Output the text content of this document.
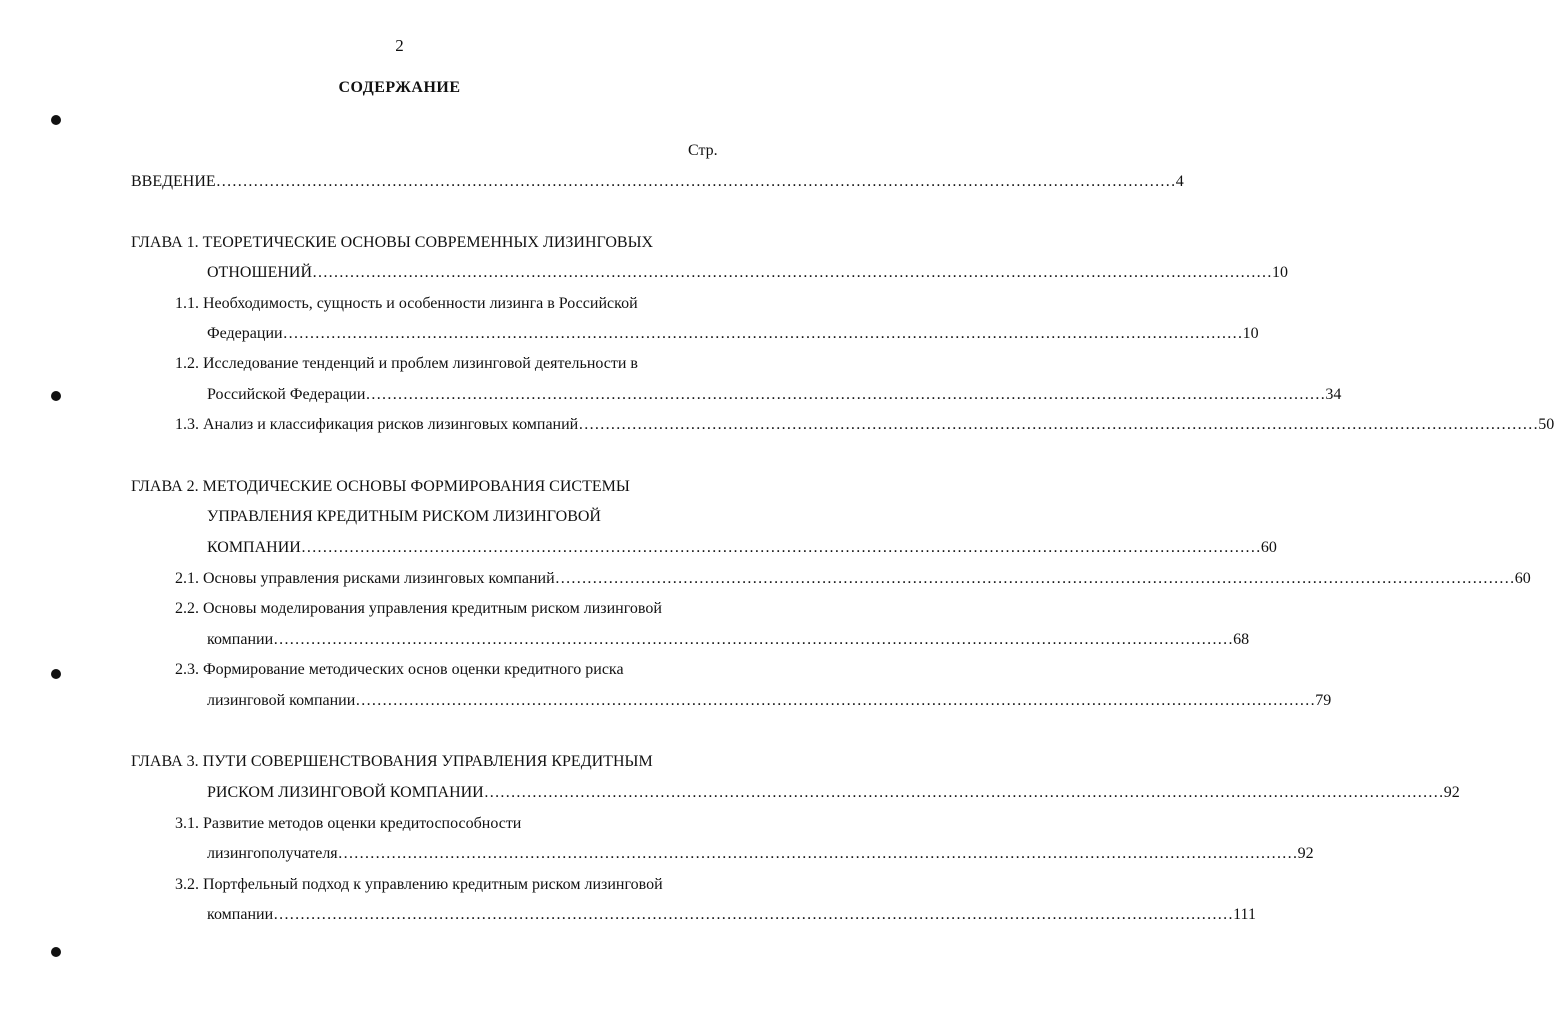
2
СОДЕРЖАНИЕ
Стр.
ВВЕДЕНИЕ ……………………………………………………………………………………………………………………………………………………………… 4
ГЛАВА 1. ТЕОРЕТИЧЕСКИЕ ОСНОВЫ СОВРЕМЕННЫХ ЛИЗИНГОВЫХ
ОТНОШЕНИЙ ……………………………………………………………………………………………………………………………………………………………… 10
1.1. Необходимость, сущность и особенности лизинга в Российской
Федерации ……………………………………………………………………………………………………………………………………………………………… 10
1.2. Исследование тенденций и проблем лизинговой деятельности в
Российской Федерации ……………………………………………………………………………………………………………………………………………………………… 34
1.3. Анализ и классификация рисков лизинговых компаний ……………………………………………………………………………………………………………………………………………………………… 50
ГЛАВА 2. МЕТОДИЧЕСКИЕ ОСНОВЫ ФОРМИРОВАНИЯ СИСТЕМЫ
УПРАВЛЕНИЯ КРЕДИТНЫМ РИСКОМ ЛИЗИНГОВОЙ
КОМПАНИИ ……………………………………………………………………………………………………………………………………………………………… 60
2.1. Основы управления рисками лизинговых компаний ……………………………………………………………………………………………………………………………………………………………… 60
2.2. Основы моделирования управления кредитным риском лизинговой
компании ……………………………………………………………………………………………………………………………………………………………… 68
2.3. Формирование методических основ оценки кредитного риска
лизинговой компании ……………………………………………………………………………………………………………………………………………………………… 79
ГЛАВА 3. ПУТИ СОВЕРШЕНСТВОВАНИЯ УПРАВЛЕНИЯ КРЕДИТНЫМ
РИСКОМ ЛИЗИНГОВОЙ КОМПАНИИ ……………………………………………………………………………………………………………………………………………………………… 92
3.1. Развитие методов оценки кредитоспособности
лизингополучателя ……………………………………………………………………………………………………………………………………………………………… 92
3.2. Портфельный подход к управлению кредитным риском лизинговой
компании ……………………………………………………………………………………………………………………………………………………………… 111
